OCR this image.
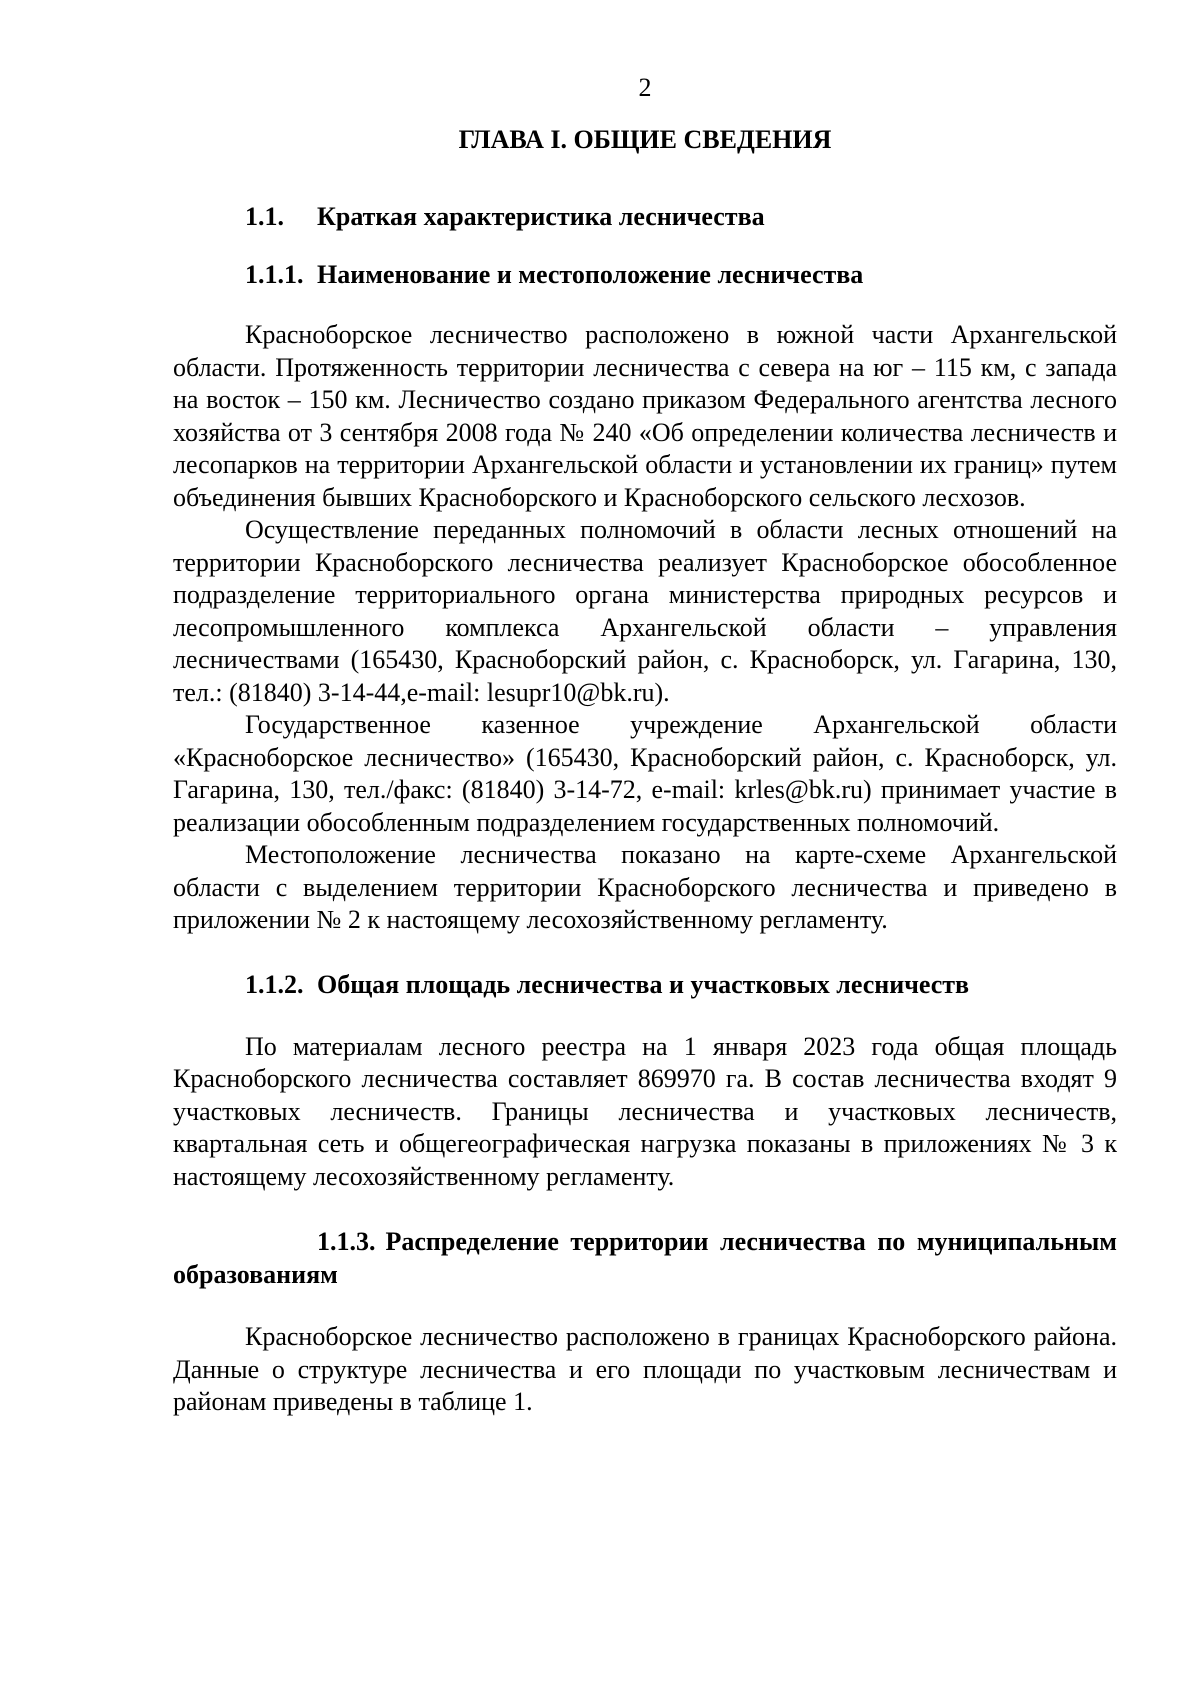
2
ГЛАВА I. ОБЩИЕ СВЕДЕНИЯ

1.1. Краткая характеристика лесничества

1.1.1. Наименование и местоположение лесничества

Красноборское лесничество расположено в южной части Архангельской области. Протяженность территории лесничества с севера на юг – 115 км, с запада на восток – 150 км. Лесничество создано приказом Федерального агентства лесного хозяйства от 3 сентября 2008 года № 240 «Об определении количества лесничеств и лесопарков на территории Архангельской области и установлении их границ» путем объединения бывших Красноборского и Красноборского сельского лесхозов.

Осуществление переданных полномочий в области лесных отношений на территории Красноборского лесничества реализует Красноборское обособленное подразделение территориального органа министерства природных ресурсов и лесопромышленного комплекса Архангельской области – управления лесничествами (165430, Красноборский район, с. Красноборск, ул. Гагарина, 130, тел.: (81840) 3-14-44,e-mail: lesupr10@bk.ru).

Государственное казенное учреждение Архангельской области «Красноборское лесничество» (165430, Красноборский район, с. Красноборск, ул. Гагарина, 130, тел./факс: (81840) 3-14-72, e-mail: krles@bk.ru) принимает участие в реализации обособленным подразделением государственных полномочий.

Местоположение лесничества показано на карте-схеме Архангельской области с выделением территории Красноборского лесничества и приведено в приложении № 2 к настоящему лесохозяйственному регламенту.

1.1.2. Общая площадь лесничества и участковых лесничеств

По материалам лесного реестра на 1 января 2023 года общая площадь Красноборского лесничества составляет 869970 га. В состав лесничества входят 9 участковых лесничеств. Границы лесничества и участковых лесничеств, квартальная сеть и общегеографическая нагрузка показаны в приложениях № 3 к настоящему лесохозяйственному регламенту.

1.1.3. Распределение территории лесничества по муниципальным образованиям

Красноборское лесничество расположено в границах Красноборского района. Данные о структуре лесничества и его площади по участковым лесничествам и районам приведены в таблице 1.
